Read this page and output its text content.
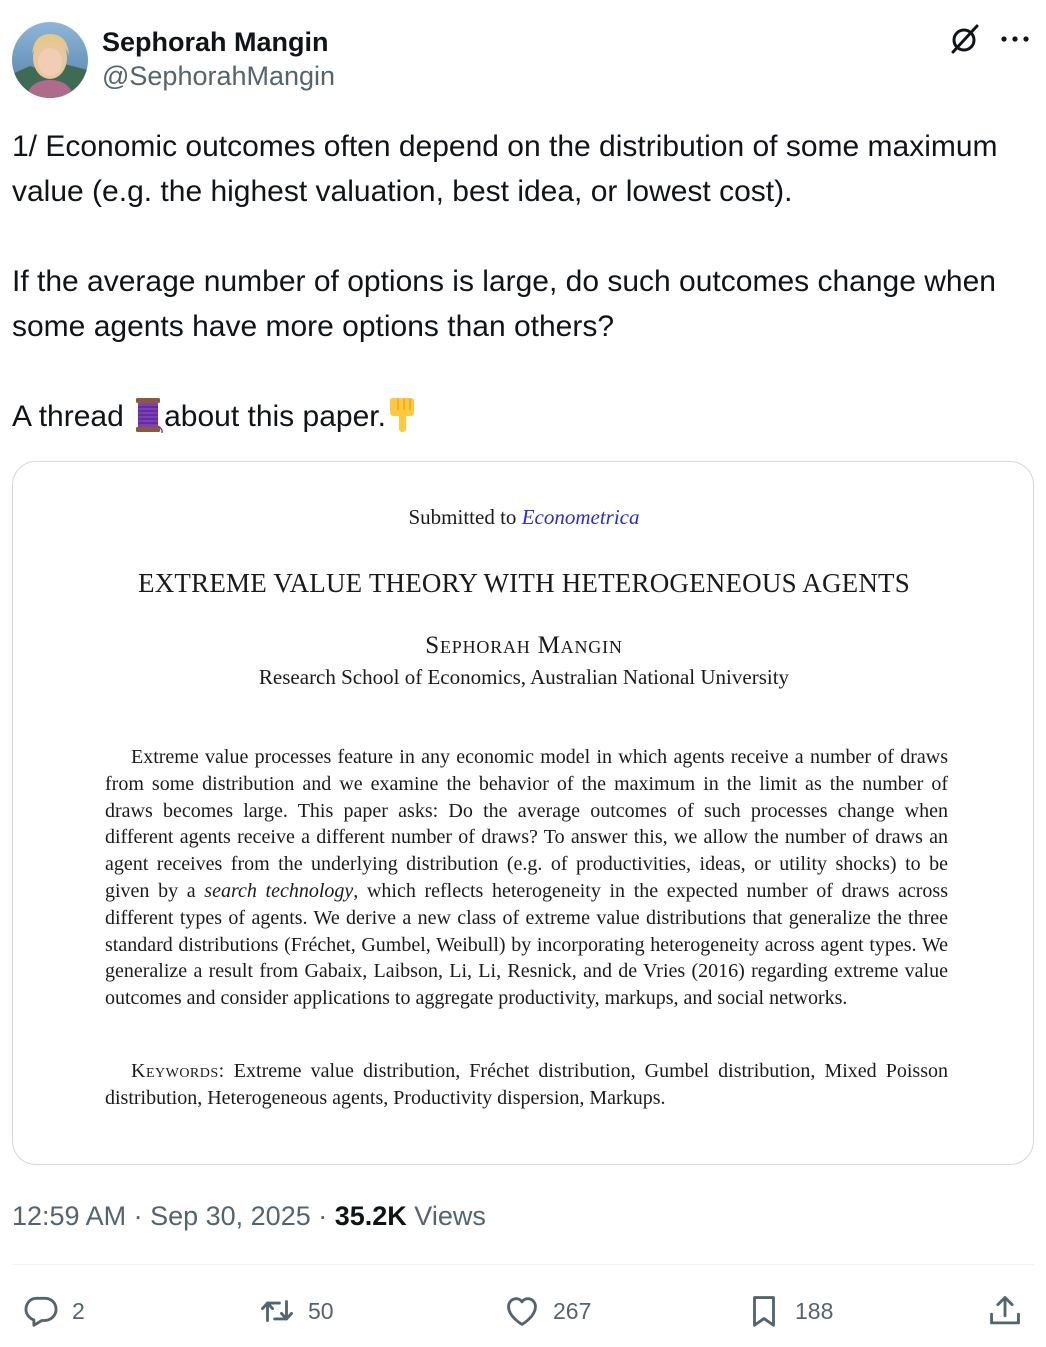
Sephorah Mangin
@SephorahMangin

1/ Economic outcomes often depend on the distribution of some maximum value (e.g. the highest valuation, best idea, or lowest cost).

If the average number of options is large, do such outcomes change when some agents have more options than others?

A thread about this paper.

Submitted to Econometrica
EXTREME VALUE THEORY WITH HETEROGENEOUS AGENTS
Sephorah Mangin
Research School of Economics, Australian National University
Extreme value processes feature in any economic model in which agents receive a number of draws from some distribution and we examine the behavior of the maximum in the limit as the number of draws becomes large. This paper asks: Do the average outcomes of such processes change when different agents receive a different number of draws? To answer this, we allow the number of draws an agent receives from the underlying distribution (e.g. of productivities, ideas, or utility shocks) to be given by a search technology, which reflects heterogeneity in the expected number of draws across different types of agents. We derive a new class of extreme value distributions that generalize the three standard distributions (Fréchet, Gumbel, Weibull) by incorporating heterogeneity across agent types. We generalize a result from Gabaix, Laibson, Li, Li, Resnick, and de Vries (2016) regarding extreme value outcomes and consider applications to aggregate productivity, markups, and social networks.
Keywords: Extreme value distribution, Fréchet distribution, Gumbel distribution, Mixed Poisson distribution, Heterogeneous agents, Productivity dispersion, Markups.
12:59 AM · Sep 30, 2025 · 35.2K Views
2	50	267	188
